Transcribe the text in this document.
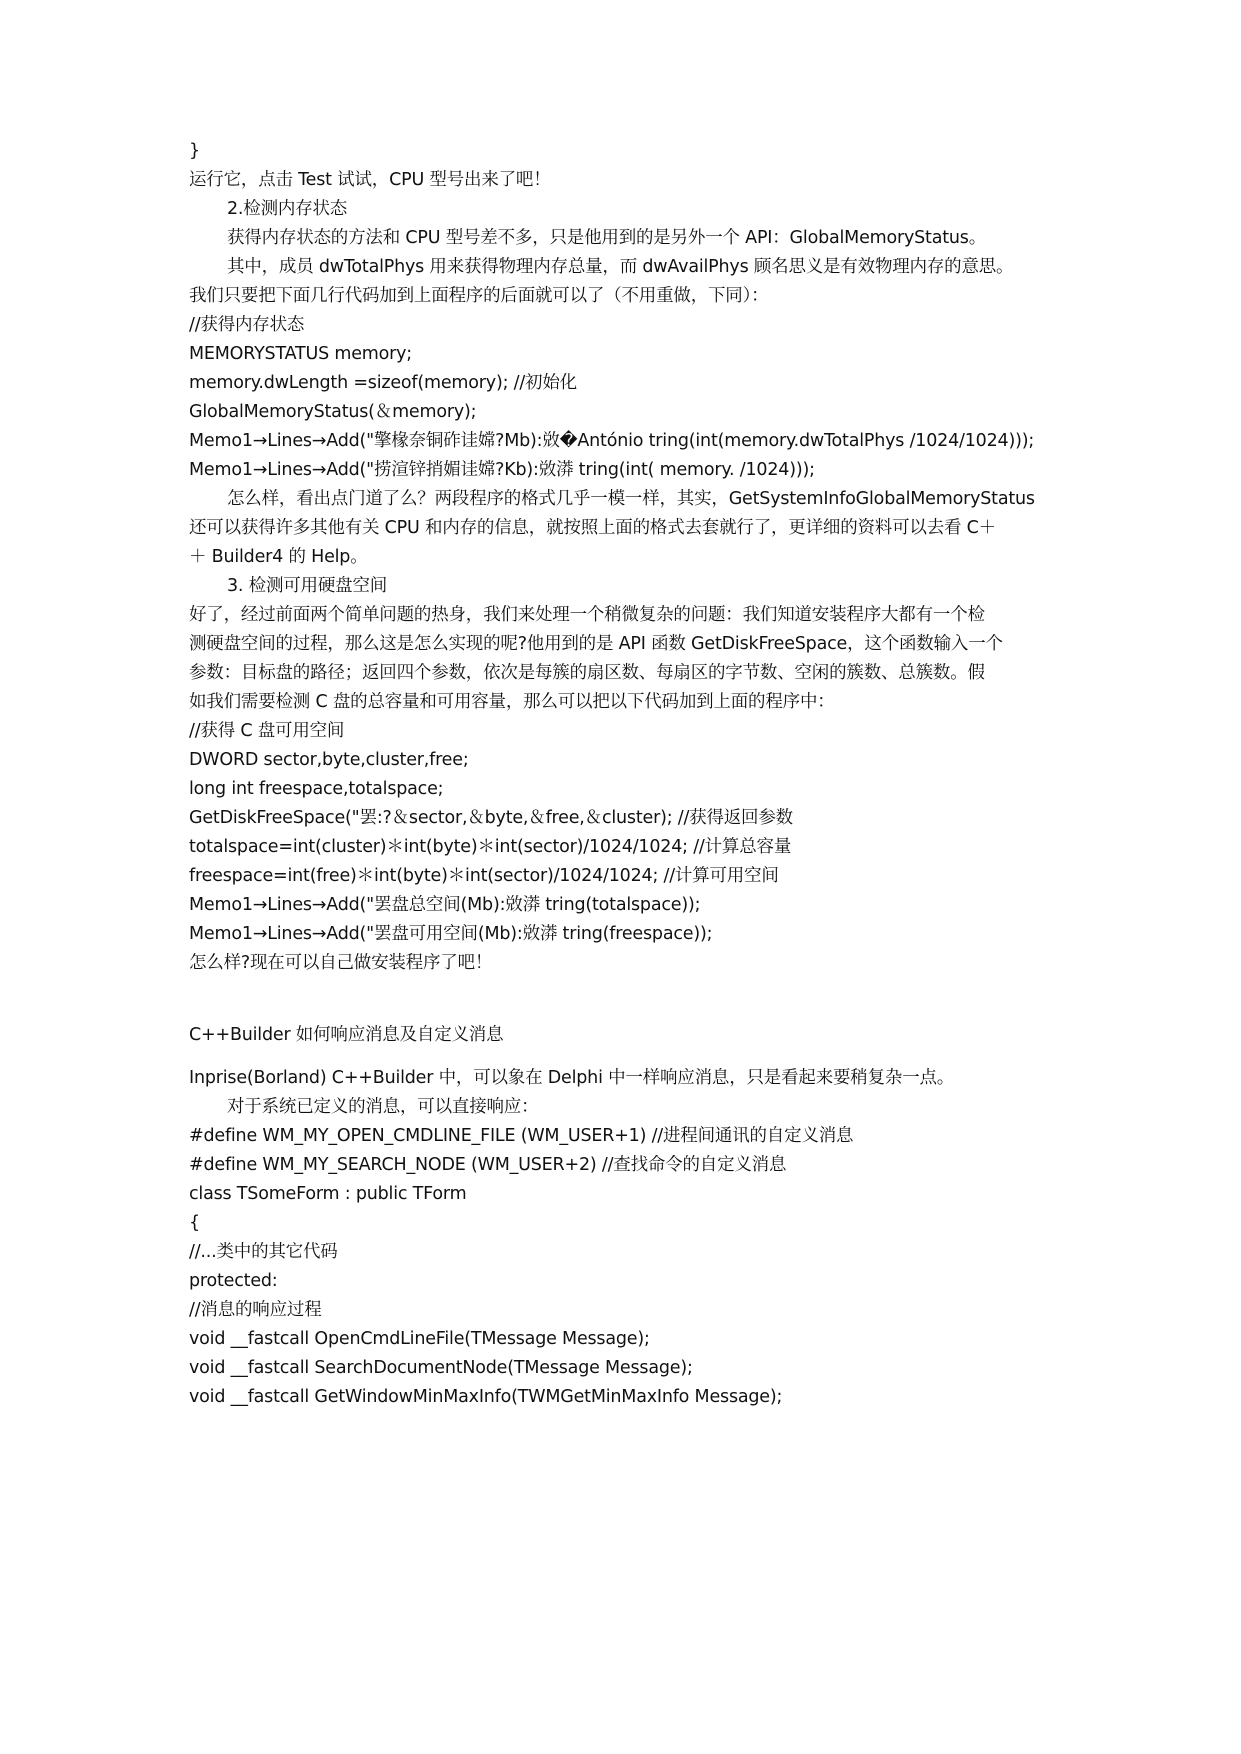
}
运行它，点击 Test 试试，CPU 型号出来了吧！
2.检测内存状态
获得内存状态的方法和 CPU 型号差不多，只是他用到的是另外一个 API：GlobalMemoryStatus。
其中，成员 dwTotalPhys 用来获得物理内存总量，而 dwAvailPhys 顾名思义是有效物理内存的意思。
我们只要把下面几行代码加到上面程序的后面就可以了（不用重做，下同）：
//获得内存状态
MEMORYSTATUS memory;
memory.dwLength =sizeof(memory); //初始化
GlobalMemoryStatus(＆memory);
Memo1→Lines→Add("擎椽奈铜砟诖嫦?Mb):敚�António tring(int(memory.dwTotalPhys /1024/1024)));
Memo1→Lines→Add("捞渲锌捎媚诖嫦?Kb):敚漭 tring(int( memory. /1024)));
怎么样，看出点门道了么？两段程序的格式几乎一模一样，其实，GetSystemInfoGlobalMemoryStatus
还可以获得许多其他有关 CPU 和内存的信息，就按照上面的格式去套就行了，更详细的资料可以去看 C＋
＋ Builder4 的 Help。
3. 检测可用硬盘空间
好了，经过前面两个简单问题的热身，我们来处理一个稍微复杂的问题：我们知道安装程序大都有一个检
测硬盘空间的过程，那么这是怎么实现的呢?他用到的是 API 函数 GetDiskFreeSpace，这个函数输入一个
参数：目标盘的路径；返回四个参数，依次是每簇的扇区数、每扇区的字节数、空闲的簇数、总簇数。假
如我们需要检测 C 盘的总容量和可用容量，那么可以把以下代码加到上面的程序中：
//获得 C 盘可用空间
DWORD sector,byte,cluster,free;
long int freespace,totalspace;
GetDiskFreeSpace("罢:?＆sector,＆byte,＆free,＆cluster); //获得返回参数
totalspace=int(cluster)＊int(byte)＊int(sector)/1024/1024; //计算总容量
freespace=int(free)＊int(byte)＊int(sector)/1024/1024; //计算可用空间
Memo1→Lines→Add("罢盘总空间(Mb):敚漭 tring(totalspace));
Memo1→Lines→Add("罢盘可用空间(Mb):敚漭 tring(freespace));
怎么样?现在可以自己做安装程序了吧！
C++Builder 如何响应消息及自定义消息
Inprise(Borland) C++Builder 中，可以象在 Delphi 中一样响应消息，只是看起来要稍复杂一点。
对于系统已定义的消息，可以直接响应：
#define WM_MY_OPEN_CMDLINE_FILE (WM_USER+1) //进程间通讯的自定义消息
#define WM_MY_SEARCH_NODE (WM_USER+2) //查找命令的自定义消息
class TSomeForm : public TForm
{
//...类中的其它代码
protected:
//消息的响应过程
void __fastcall OpenCmdLineFile(TMessage Message);
void __fastcall SearchDocumentNode(TMessage Message);
void __fastcall GetWindowMinMaxInfo(TWMGetMinMaxInfo Message);
